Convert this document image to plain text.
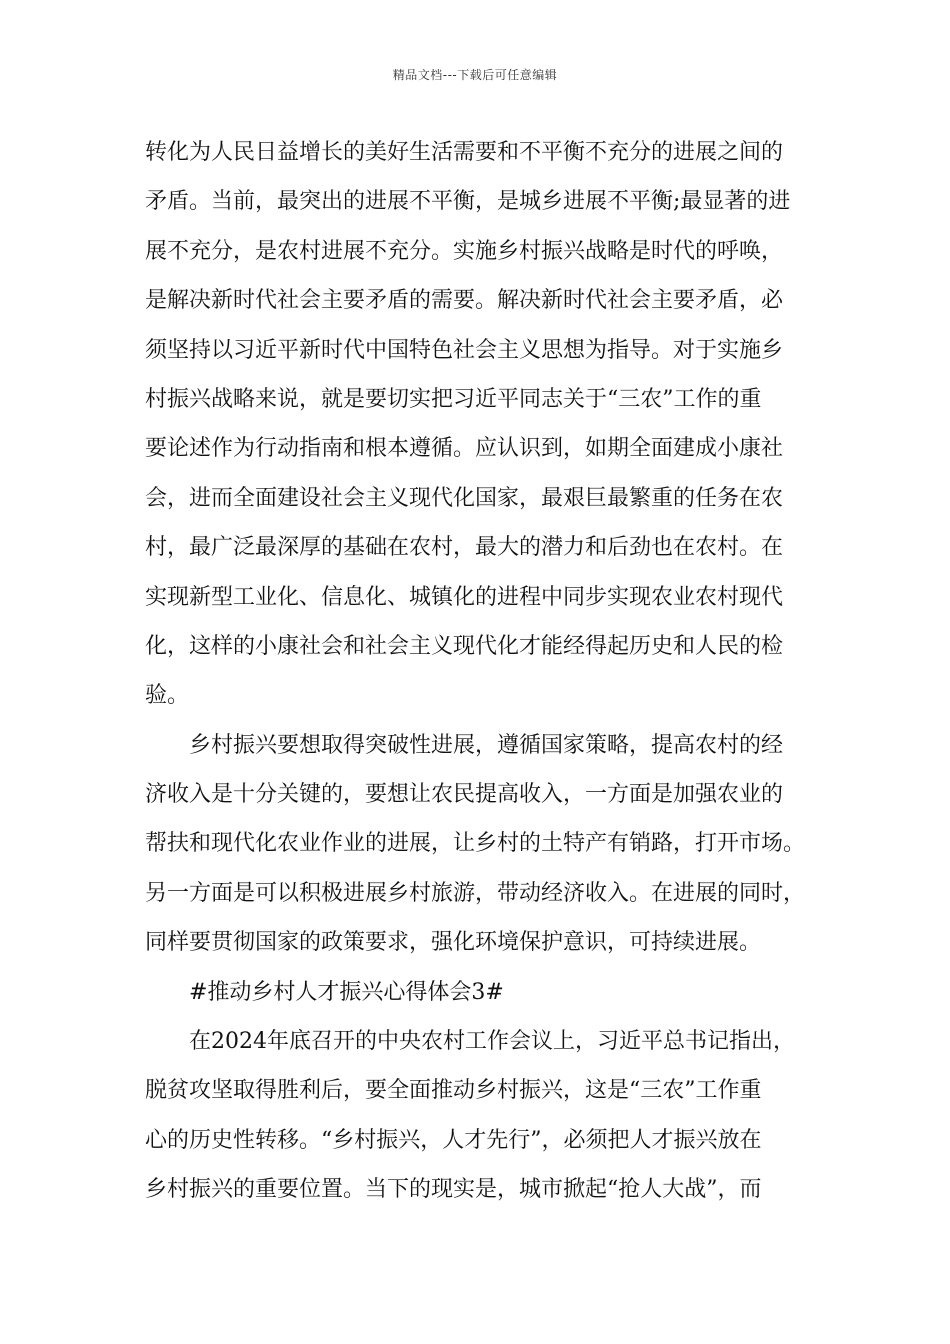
精品文档---下载后可任意编辑
转化为人民日益增长的美好生活需要和不平衡不充分的进展之间的
矛盾。当前，最突出的进展不平衡，是城乡进展不平衡;最显著的进
展不充分，是农村进展不充分。实施乡村振兴战略是时代的呼唤，
是解决新时代社会主要矛盾的需要。解决新时代社会主要矛盾，必
须坚持以习近平新时代中国特色社会主义思想为指导。对于实施乡
村振兴战略来说，就是要切实把习近平同志关于“三农”工作的重
要论述作为行动指南和根本遵循。应认识到，如期全面建成小康社
会，进而全面建设社会主义现代化国家，最艰巨最繁重的任务在农
村，最广泛最深厚的基础在农村，最大的潜力和后劲也在农村。在
实现新型工业化、信息化、城镇化的进程中同步实现农业农村现代
化，这样的小康社会和社会主义现代化才能经得起历史和人民的检
验。
乡村振兴要想取得突破性进展，遵循国家策略，提高农村的经
济收入是十分关键的，要想让农民提高收入，一方面是加强农业的
帮扶和现代化农业作业的进展，让乡村的土特产有销路，打开市场。
另一方面是可以积极进展乡村旅游，带动经济收入。在进展的同时，
同样要贯彻国家的政策要求，强化环境保护意识，可持续进展。
#推动乡村人才振兴心得体会3#
在2024年底召开的中央农村工作会议上，习近平总书记指出，
脱贫攻坚取得胜利后，要全面推动乡村振兴，这是“三农”工作重
心的历史性转移。“乡村振兴，人才先行”，必须把人才振兴放在
乡村振兴的重要位置。当下的现实是，城市掀起“抢人大战”，而
